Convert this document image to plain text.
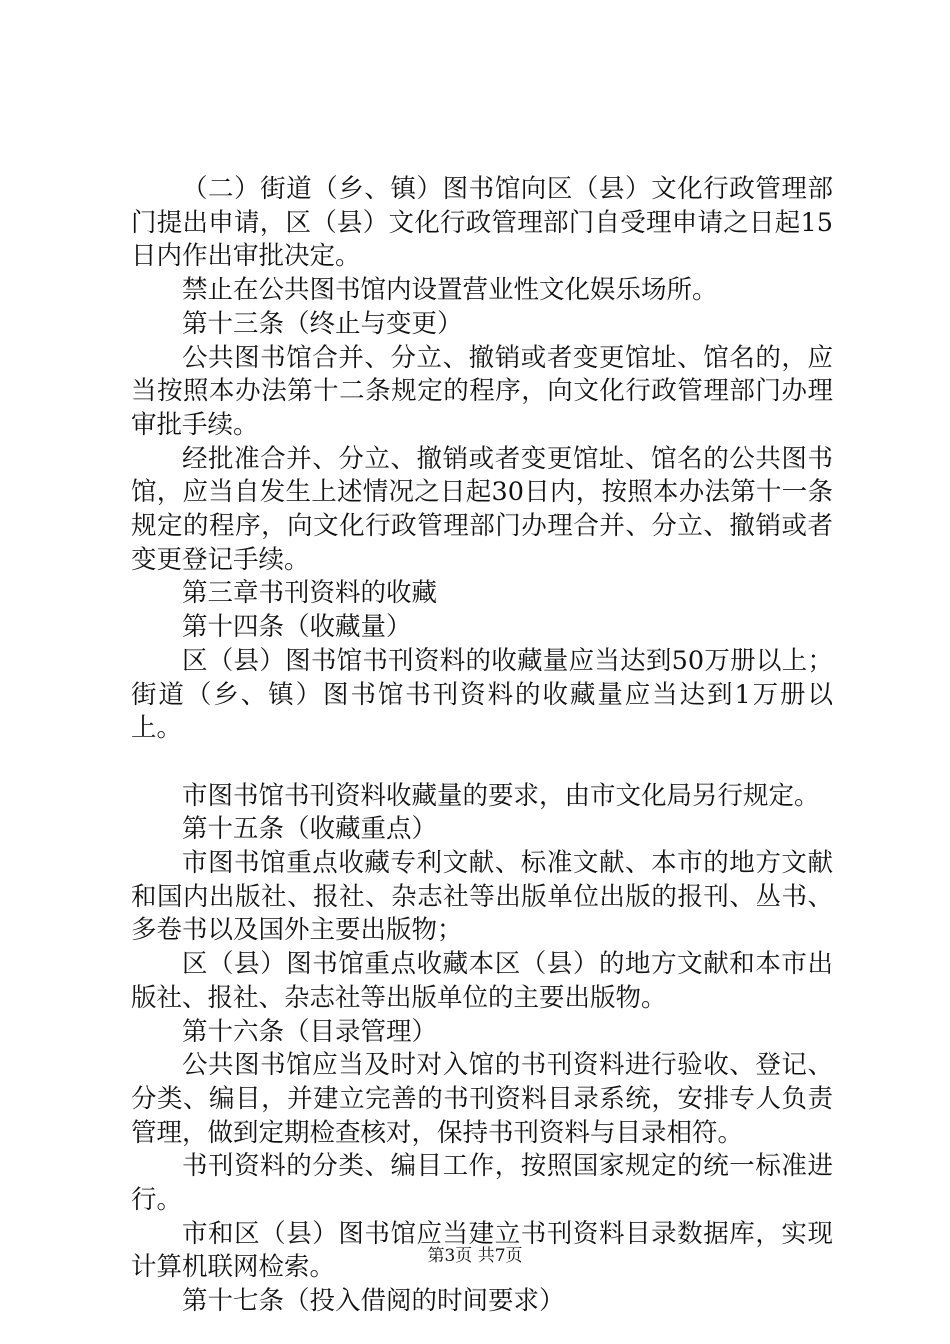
（二）街道（乡、镇）图书馆向区（县）文化行政管理部门提出申请，区（县）文化行政管理部门自受理申请之日起15日内作出审批决定。

禁止在公共图书馆内设置营业性文化娱乐场所。

第十三条（终止与变更）

公共图书馆合并、分立、撤销或者变更馆址、馆名的，应当按照本办法第十二条规定的程序，向文化行政管理部门办理审批手续。

经批准合并、分立、撤销或者变更馆址、馆名的公共图书馆，应当自发生上述情况之日起30日内，按照本办法第十一条规定的程序，向文化行政管理部门办理合并、分立、撤销或者变更登记手续。

第三章书刊资料的收藏

第十四条（收藏量）

区（县）图书馆书刊资料的收藏量应当达到50万册以上；街道（乡、镇）图书馆书刊资料的收藏量应当达到1万册以上。

市图书馆书刊资料收藏量的要求，由市文化局另行规定。

第十五条（收藏重点）

市图书馆重点收藏专利文献、标准文献、本市的地方文献和国内出版社、报社、杂志社等出版单位出版的报刊、丛书、多卷书以及国外主要出版物；

区（县）图书馆重点收藏本区（县）的地方文献和本市出版社、报社、杂志社等出版单位的主要出版物。

第十六条（目录管理）

公共图书馆应当及时对入馆的书刊资料进行验收、登记、分类、编目，并建立完善的书刊资料目录系统，安排专人负责管理，做到定期检查核对，保持书刊资料与目录相符。

书刊资料的分类、编目工作，按照国家规定的统一标准进行。

市和区（县）图书馆应当建立书刊资料目录数据库，实现计算机联网检索。

第十七条（投入借阅的时间要求）

第3页 共7页
